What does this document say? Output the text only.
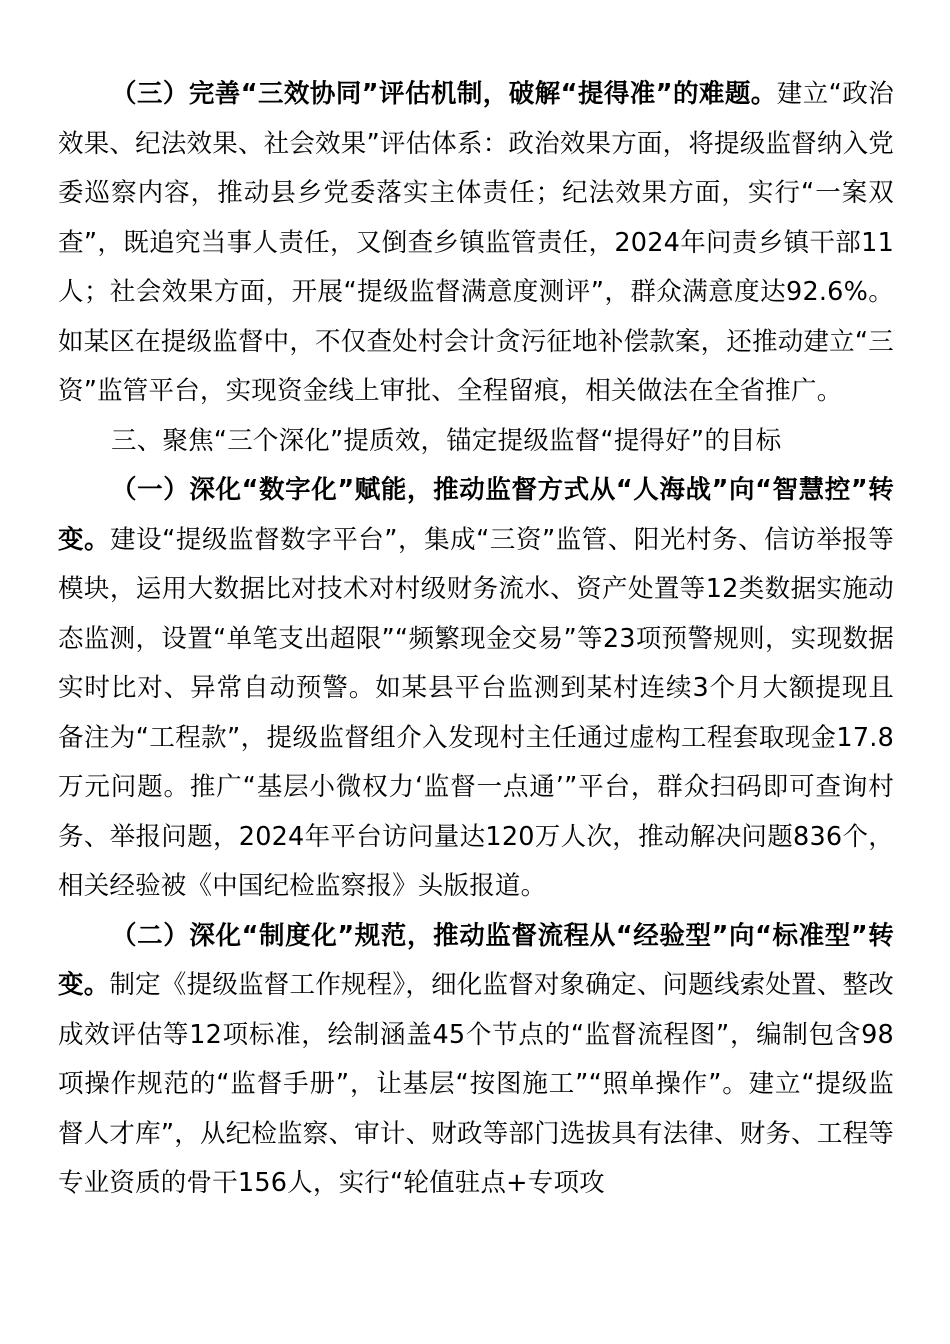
（三）完善“三效协同”评估机制，破解“提得准”的难题。建立“政治效果、纪法效果、社会效果”评估体系：政治效果方面，将提级监督纳入党委巡察内容，推动县乡党委落实主体责任；纪法效果方面，实行“一案双查”，既追究当事人责任，又倒查乡镇监管责任，2024年问责乡镇干部11人；社会效果方面，开展“提级监督满意度测评”，群众满意度达92.6%。如某区在提级监督中，不仅查处村会计贪污征地补偿款案，还推动建立“三资”监管平台，实现资金线上审批、全程留痕，相关做法在全省推广。

三、聚焦“三个深化”提质效，锚定提级监督“提得好”的目标

（一）深化“数字化”赋能，推动监督方式从“人海战”向“智慧控”转变。建设“提级监督数字平台”，集成“三资”监管、阳光村务、信访举报等模块，运用大数据比对技术对村级财务流水、资产处置等12类数据实施动态监测，设置“单笔支出超限”“频繁现金交易”等23项预警规则，实现数据实时比对、异常自动预警。如某县平台监测到某村连续3个月大额提现且备注为“工程款”，提级监督组介入发现村主任通过虚构工程套取现金17.8万元问题。推广“基层小微权力‘监督一点通’”平台，群众扫码即可查询村务、举报问题，2024年平台访问量达120万人次，推动解决问题836个，相关经验被《中国纪检监察报》头版报道。

（二）深化“制度化”规范，推动监督流程从“经验型”向“标准型”转变。制定《提级监督工作规程》，细化监督对象确定、问题线索处置、整改成效评估等12项标准，绘制涵盖45个节点的“监督流程图”，编制包含98项操作规范的“监督手册”，让基层“按图施工”“照单操作”。建立“提级监督人才库”，从纪检监察、审计、财政等部门选拔具有法律、财务、工程等专业资质的骨干156人，实行“轮值驻点+专项攻
